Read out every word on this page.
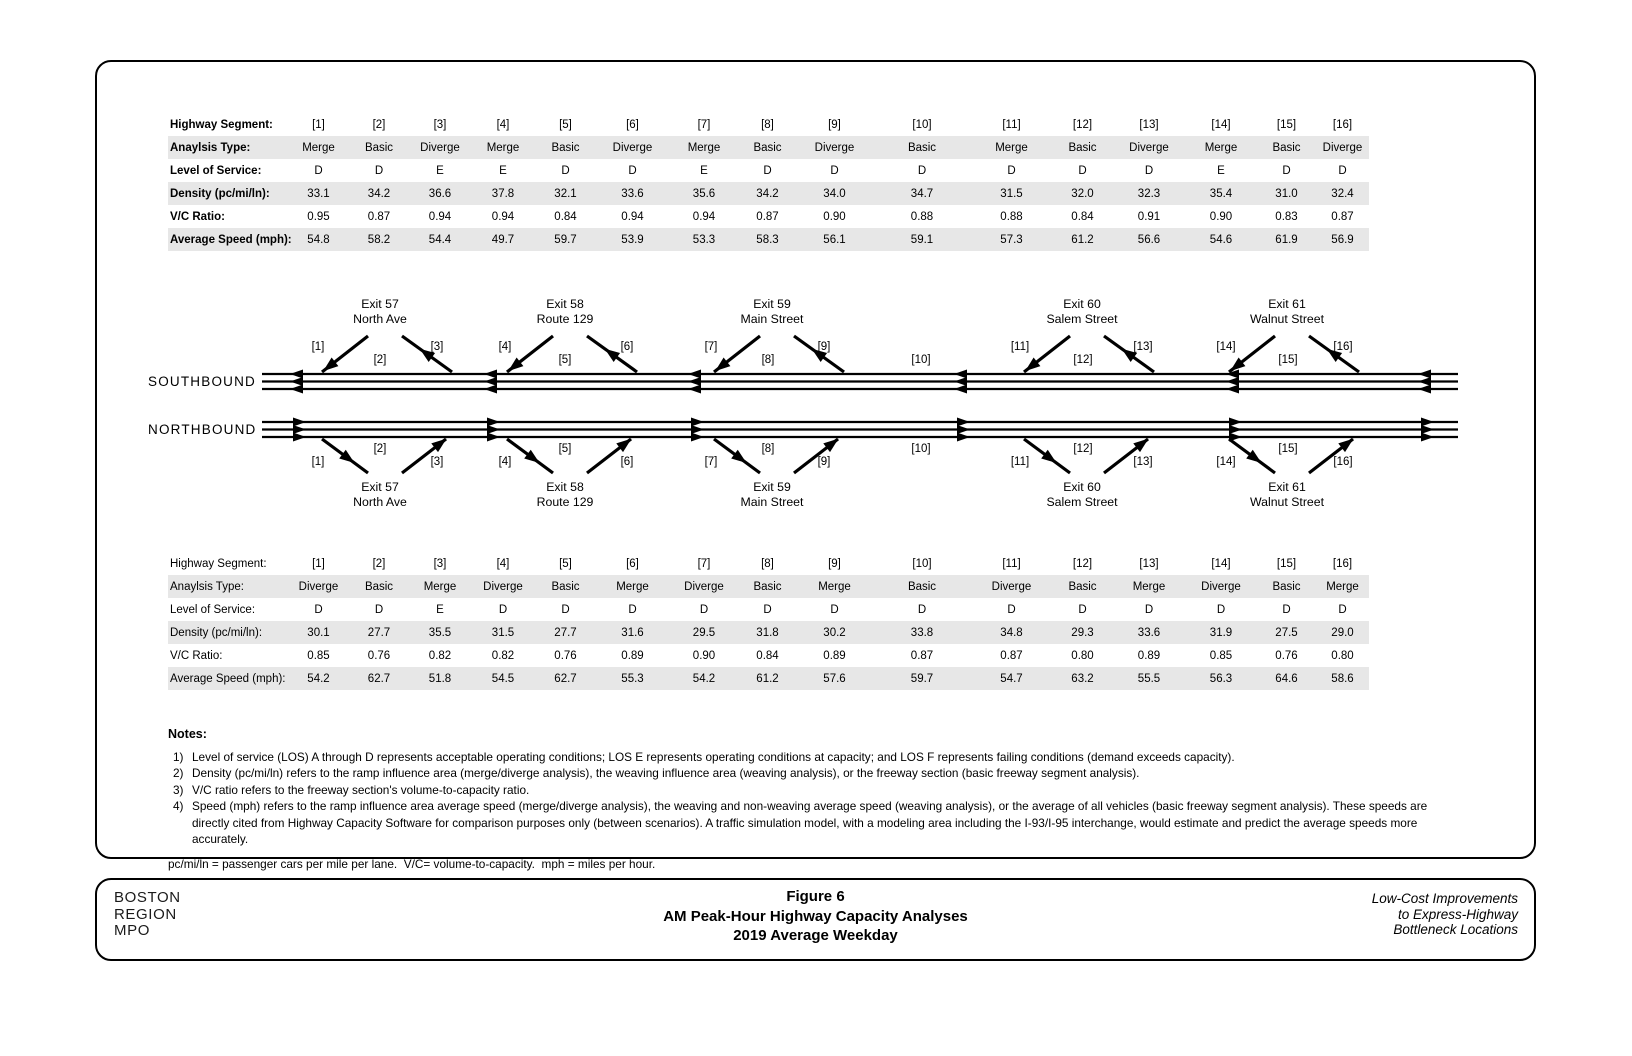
Highway Segment:	[1]	[2]	[3]	[4]	[5]	[6]	[7]	[8]	[9]	[10]	[11]	[12]	[13]	[14]	[15]	[16]
Anaylsis Type:	Merge	Basic	Diverge	Merge	Basic	Diverge	Merge	Basic	Diverge	Basic	Merge	Basic	Diverge	Merge	Basic	Diverge
Level of Service:	D	D	E	E	D	D	E	D	D	D	D	D	D	E	D	D
Density (pc/mi/ln):	33.1	34.2	36.6	37.8	32.1	33.6	35.6	34.2	34.0	34.7	31.5	32.0	32.3	35.4	31.0	32.4
V/C Ratio:	0.95	0.87	0.94	0.94	0.84	0.94	0.94	0.87	0.90	0.88	0.88	0.84	0.91	0.90	0.83	0.87
Average Speed (mph):	54.8	58.2	54.4	49.7	59.7	53.9	53.3	58.3	56.1	59.1	57.3	61.2	56.6	54.6	61.9	56.9
Exit 57
North Ave
Exit 57
North Ave
Exit 58
Route 129
Exit 58
Route 129
Exit 59
Main Street
Exit 59
Main Street
Exit 60
Salem Street
Exit 60
Salem Street
Exit 61
Walnut Street
Exit 61
Walnut Street
[1]
[1]
[2]
[2]
[3]
[3]
[4]
[4]
[5]
[5]
[6]
[6]
[7]
[7]
[8]
[8]
[9]
[9]
[10]
[10]
[11]
[11]
[12]
[12]
[13]
[13]
[14]
[14]
[15]
[15]
[16]
[16]
SOUTHBOUND
NORTHBOUND
Highway Segment:	[1]	[2]	[3]	[4]	[5]	[6]	[7]	[8]	[9]	[10]	[11]	[12]	[13]	[14]	[15]	[16]
Anaylsis Type:	Diverge	Basic	Merge	Diverge	Basic	Merge	Diverge	Basic	Merge	Basic	Diverge	Basic	Merge	Diverge	Basic	Merge
Level of Service:	D	D	E	D	D	D	D	D	D	D	D	D	D	D	D	D
Density (pc/mi/ln):	30.1	27.7	35.5	31.5	27.7	31.6	29.5	31.8	30.2	33.8	34.8	29.3	33.6	31.9	27.5	29.0
V/C Ratio:	0.85	0.76	0.82	0.82	0.76	0.89	0.90	0.84	0.89	0.87	0.87	0.80	0.89	0.85	0.76	0.80
Average Speed (mph):	54.2	62.7	51.8	54.5	62.7	55.3	54.2	61.2	57.6	59.7	54.7	63.2	55.5	56.3	64.6	58.6
Notes:
1) Level of service (LOS) A through D represents acceptable operating conditions; LOS E represents operating conditions at capacity; and LOS F represents failing conditions (demand exceeds capacity).
2) Density (pc/mi/ln) refers to the ramp influence area (merge/diverge analysis), the weaving influence area (weaving analysis), or the freeway section (basic freeway segment analysis).
3) V/C ratio refers to the freeway section's volume-to-capacity ratio.
4) Speed (mph) refers to the ramp influence area average speed (merge/diverge analysis), the weaving and non-weaving average speed (weaving analysis), or the average of all vehicles (basic freeway segment analysis). These speeds are directly cited from Highway Capacity Software for comparison purposes only (between scenarios). A traffic simulation model, with a modeling area including the I-93/I-95 interchange, would estimate and predict the average speeds more accurately.
pc/mi/ln = passenger cars per mile per lane.  V/C= volume-to-capacity.  mph = miles per hour.
BOSTON
REGION
MPO
Figure 6
AM Peak-Hour Highway Capacity Analyses
2019 Average Weekday
Low-Cost Improvements
to Express-Highway
Bottleneck Locations
